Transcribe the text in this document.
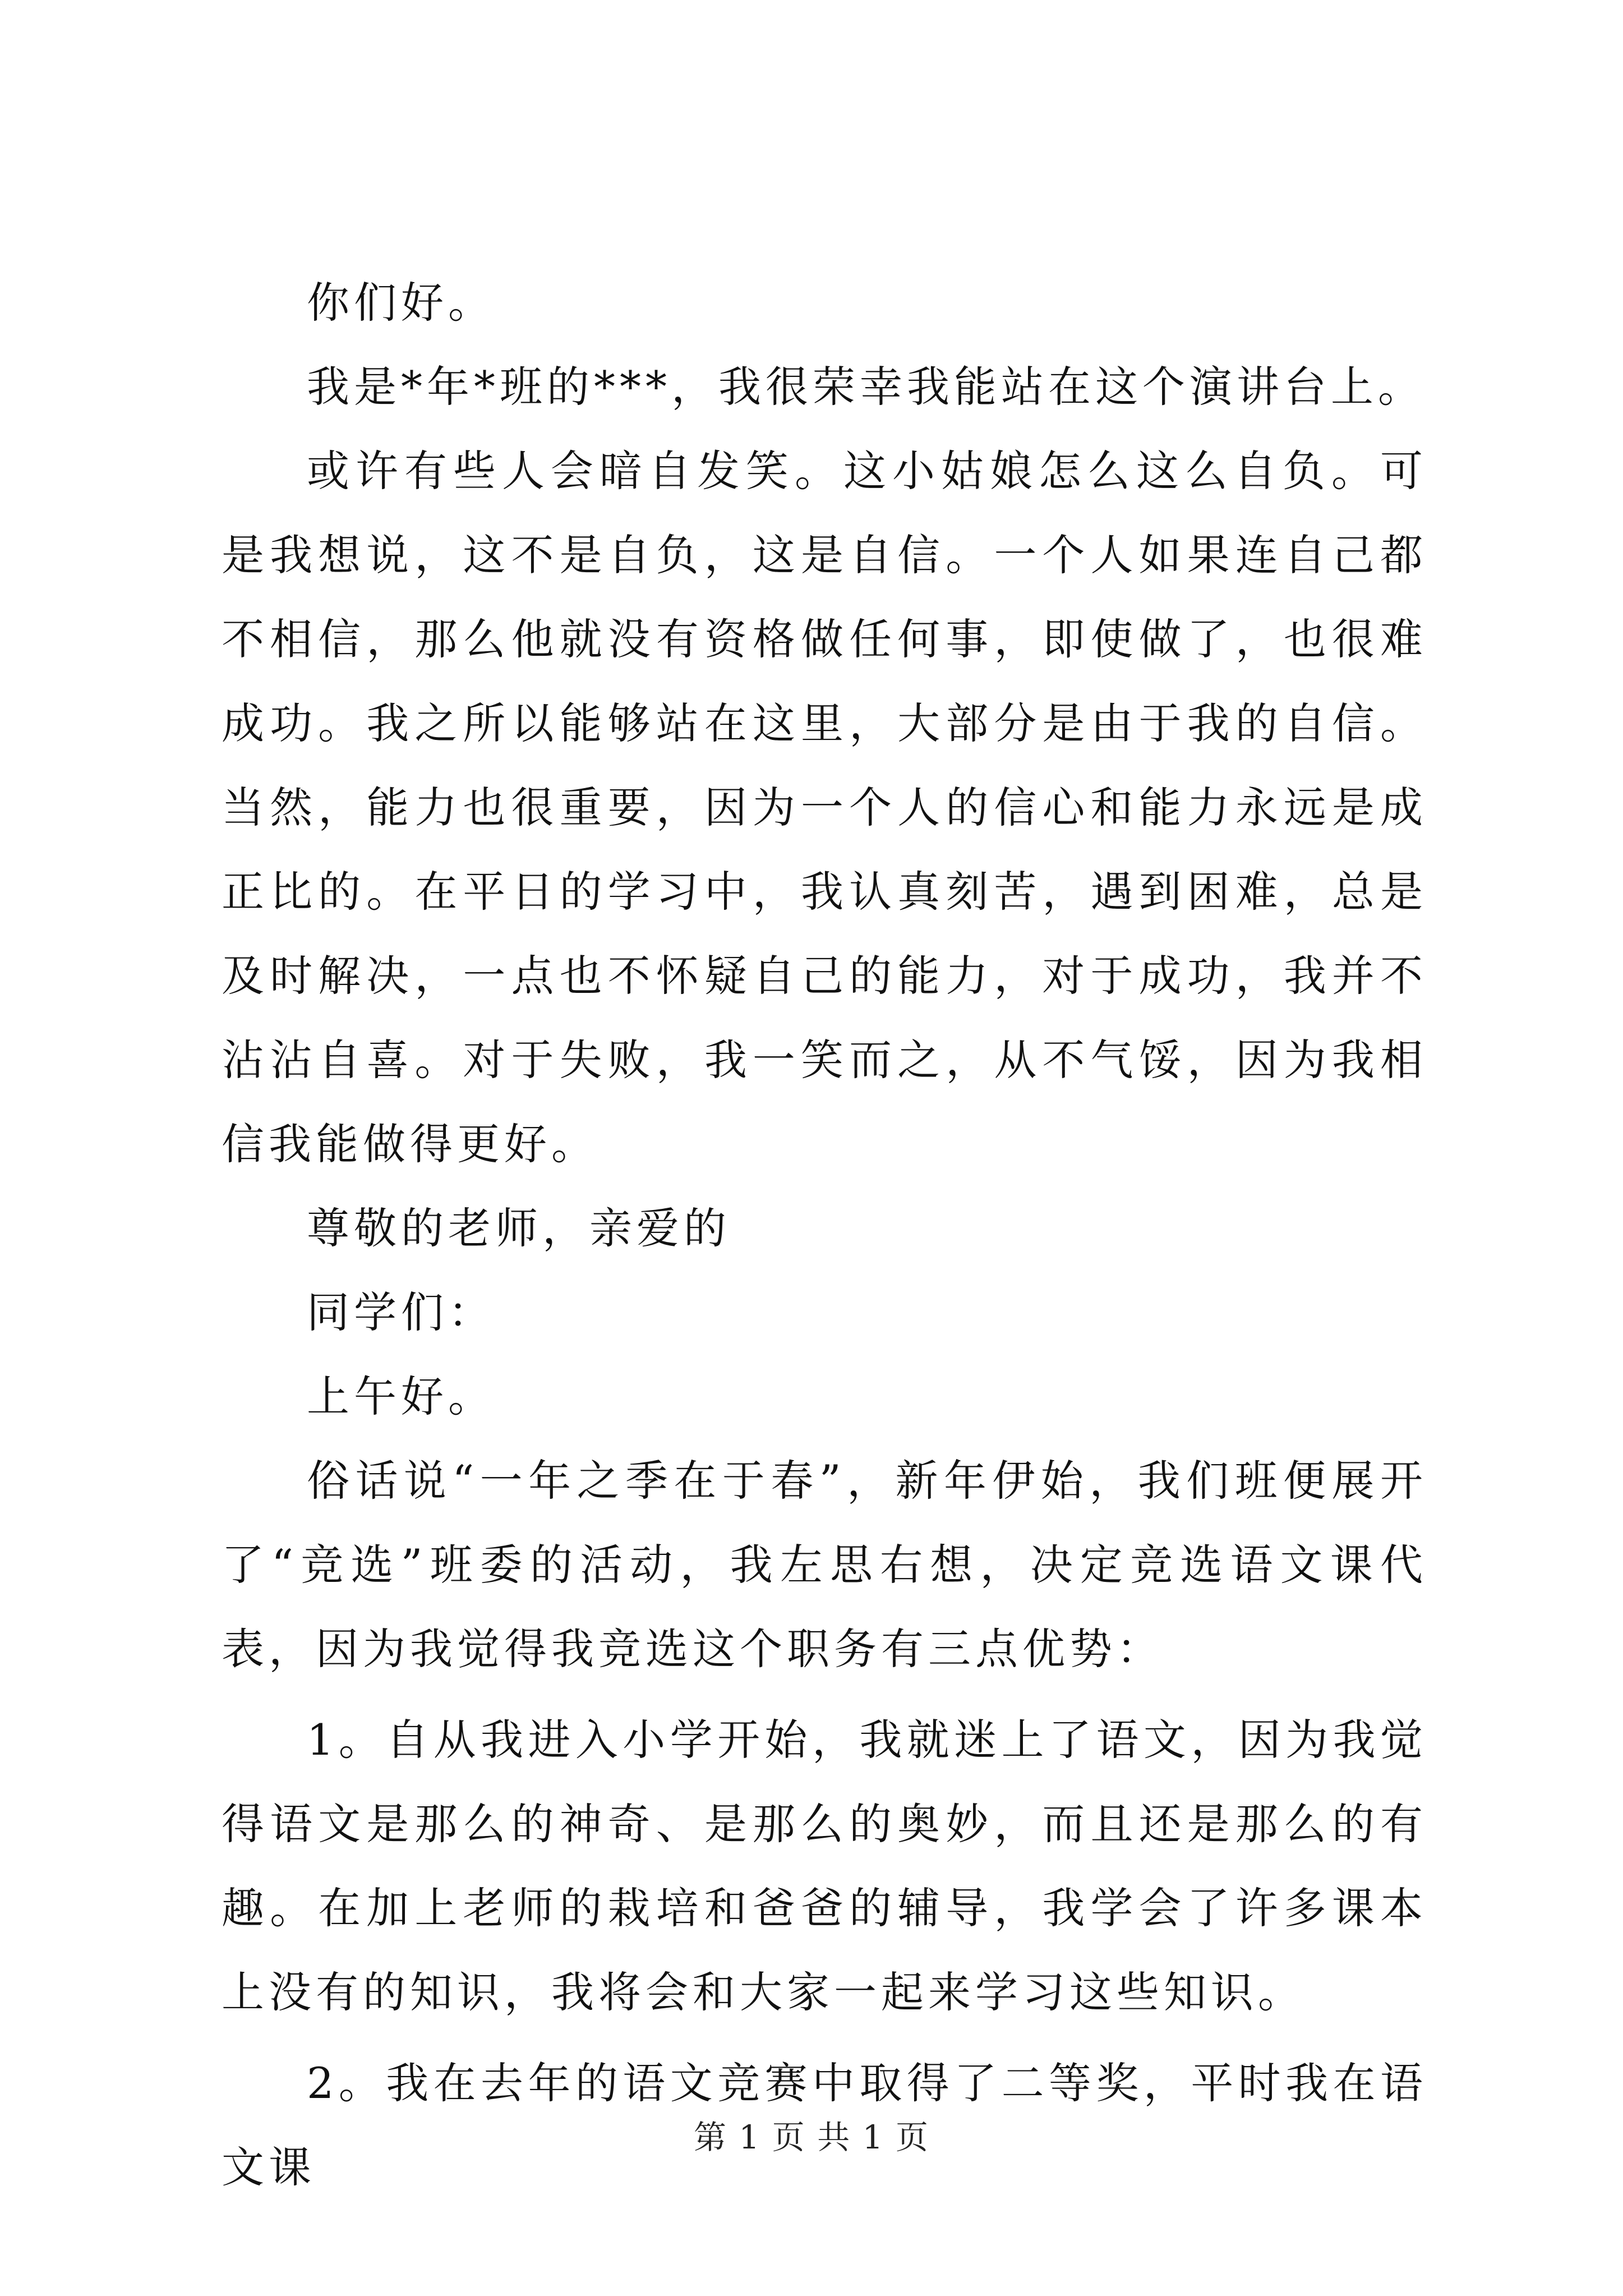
你们好。

我是*年*班的***，我很荣幸我能站在这个演讲台上。

或许有些人会暗自发笑。这小姑娘怎么这么自负。可是我想说，这不是自负，这是自信。一个人如果连自己都不相信，那么他就没有资格做任何事，即使做了，也很难成功。我之所以能够站在这里，大部分是由于我的自信。当然，能力也很重要，因为一个人的信心和能力永远是成正比的。在平日的学习中，我认真刻苦，遇到困难，总是及时解决，一点也不怀疑自己的能力，对于成功，我并不沾沾自喜。对于失败，我一笑而之，从不气馁，因为我相信我能做得更好。

尊敬的老师，亲爱的

同学们：

上午好。

俗话说“一年之季在于春”，新年伊始，我们班便展开了“竞选”班委的活动，我左思右想，决定竞选语文课代表，因为我觉得我竞选这个职务有三点优势：

1。自从我进入小学开始，我就迷上了语文，因为我觉得语文是那么的神奇、是那么的奥妙，而且还是那么的有趣。在加上老师的栽培和爸爸的辅导，我学会了许多课本上没有的知识，我将会和大家一起来学习这些知识。

2。我在去年的语文竞赛中取得了二等奖，平时我在语文课

第 1 页 共 1 页
